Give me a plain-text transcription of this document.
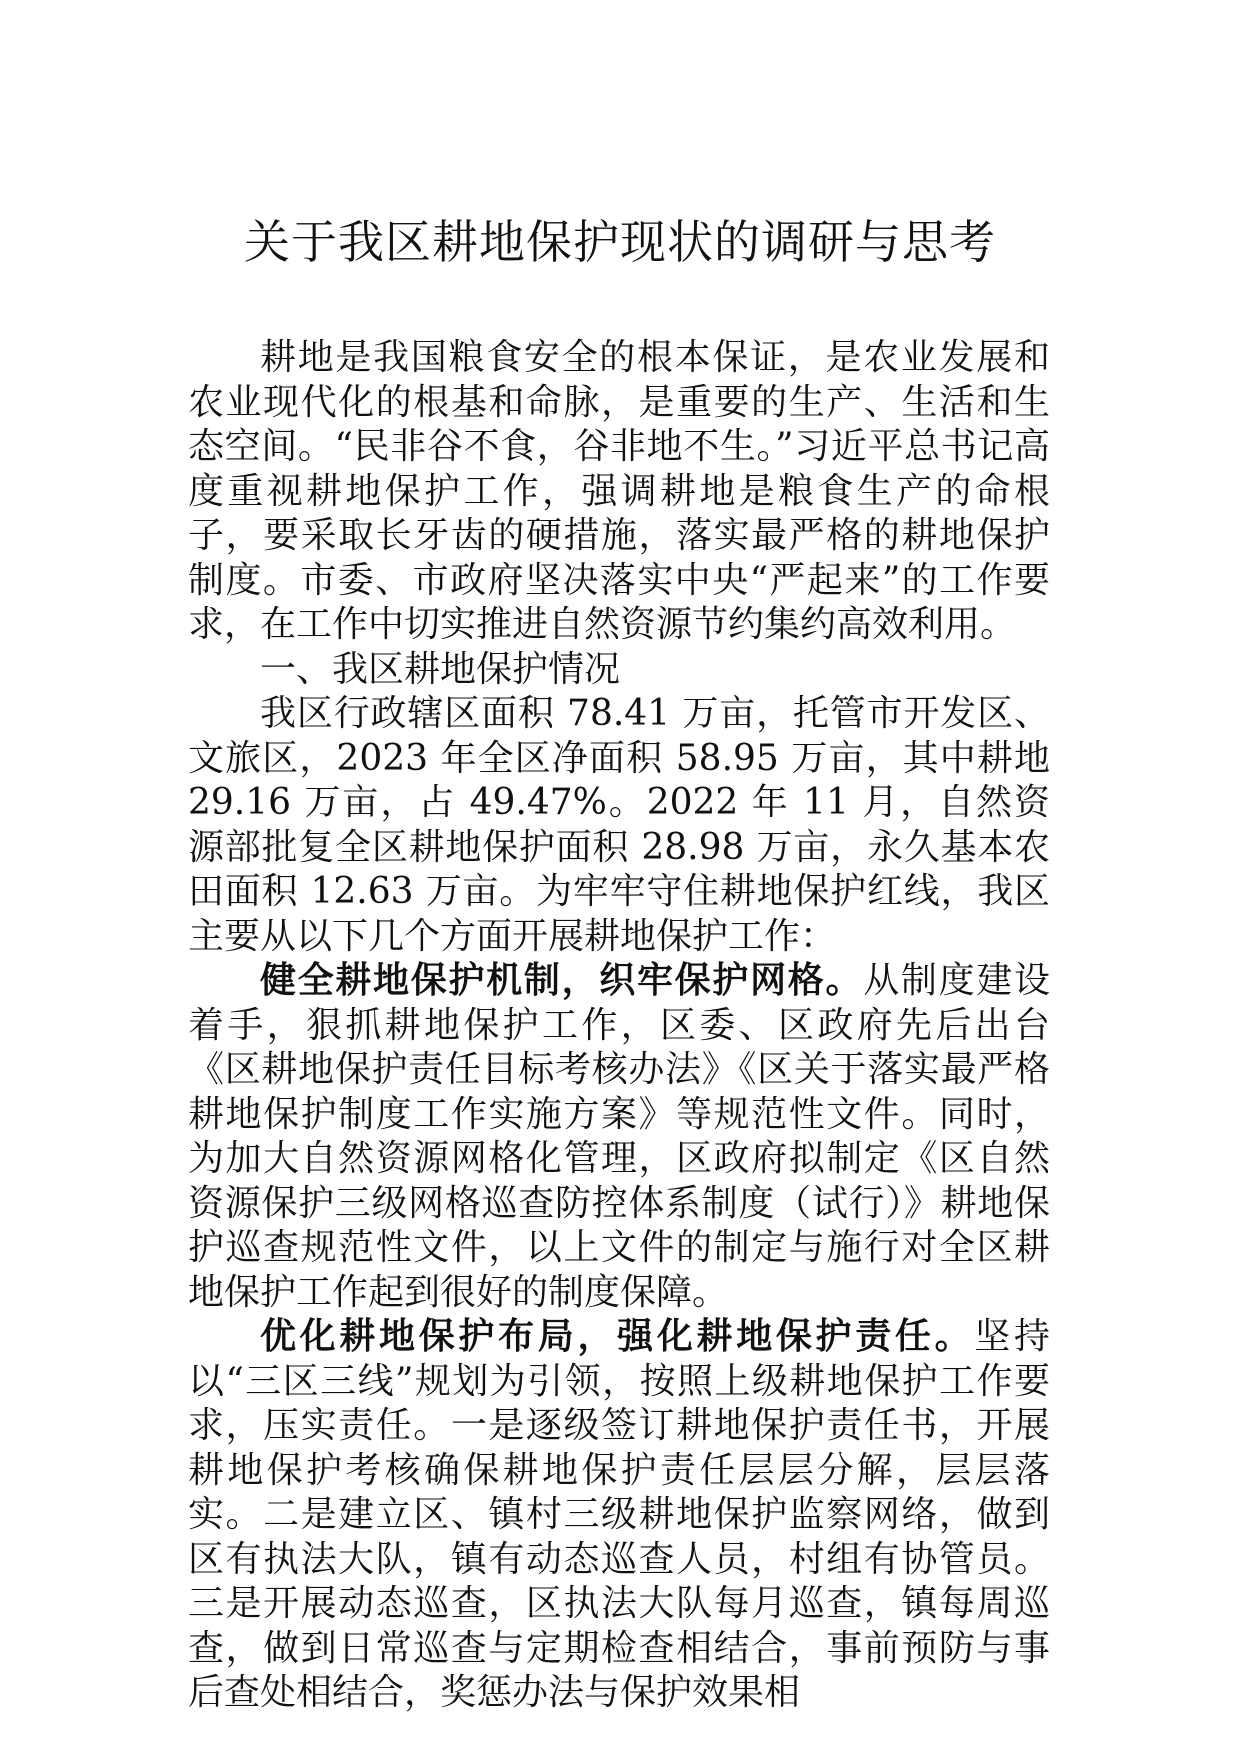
关于我区耕地保护现状的调研与思考

耕地是我国粮食安全的根本保证，是农业发展和农业现代化的根基和命脉，是重要的生产、生活和生态空间。“民非谷不食，谷非地不生。”习近平总书记高度重视耕地保护工作，强调耕地是粮食生产的命根子，要采取长牙齿的硬措施，落实最严格的耕地保护制度。市委、市政府坚决落实中央“严起来”的工作要求，在工作中切实推进自然资源节约集约高效利用。

一、我区耕地保护情况

我区行政辖区面积 78.41 万亩，托管市开发区、文旅区，2023 年全区净面积 58.95 万亩，其中耕地 29.16 万亩，占 49.47%。2022 年 11 月，自然资源部批复全区耕地保护面积 28.98 万亩，永久基本农田面积 12.63 万亩。为牢牢守住耕地保护红线，我区主要从以下几个方面开展耕地保护工作：

健全耕地保护机制，织牢保护网格。从制度建设着手，狠抓耕地保护工作，区委、区政府先后出台《区耕地保护责任目标考核办法》《区关于落实最严格耕地保护制度工作实施方案》等规范性文件。同时，为加大自然资源网格化管理，区政府拟制定《区自然资源保护三级网格巡查防控体系制度（试行）》耕地保护巡查规范性文件，以上文件的制定与施行对全区耕地保护工作起到很好的制度保障。

优化耕地保护布局，强化耕地保护责任。坚持以“三区三线”规划为引领，按照上级耕地保护工作要求，压实责任。一是逐级签订耕地保护责任书，开展耕地保护考核确保耕地保护责任层层分解，层层落实。二是建立区、镇村三级耕地保护监察网络，做到区有执法大队，镇有动态巡查人员，村组有协管员。三是开展动态巡查，区执法大队每月巡查，镇每周巡查，做到日常巡查与定期检查相结合，事前预防与事后查处相结合，奖惩办法与保护效果相
